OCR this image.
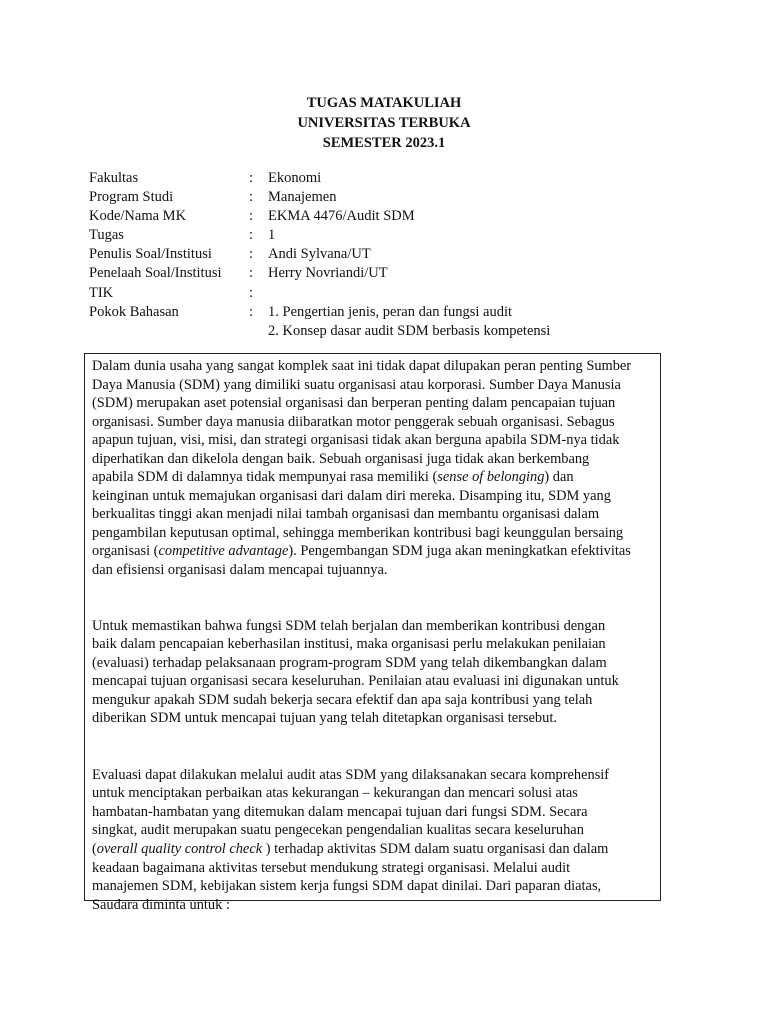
TUGAS MATAKULIAH
UNIVERSITAS TERBUKA
SEMESTER 2023.1
Fakultas	:	Ekonomi
Program Studi	:	Manajemen
Kode/Nama MK	:	EKMA 4476/Audit SDM
Tugas	:	1
Penulis Soal/Institusi	:	Andi Sylvana/UT
Penelaah Soal/Institusi	:	Herry Novriandi/UT
TIK	:
Pokok Bahasan	:	1. Pengertian jenis, peran dan fungsi audit
2. Konsep dasar audit SDM berbasis kompetensi
Dalam dunia usaha yang sangat komplek saat ini tidak dapat dilupakan peran penting Sumber
Daya Manusia (SDM) yang dimiliki suatu organisasi atau korporasi. Sumber Daya Manusia
(SDM) merupakan aset potensial organisasi dan berperan penting dalam pencapaian tujuan
organisasi. Sumber daya manusia diibaratkan motor penggerak sebuah organisasi. Sebagus
apapun tujuan, visi, misi, dan strategi organisasi tidak akan berguna apabila SDM-nya tidak
diperhatikan dan dikelola dengan baik. Sebuah organisasi juga tidak akan berkembang
apabila SDM di dalamnya tidak mempunyai rasa memiliki (sense of belonging) dan
keinginan untuk memajukan organisasi dari dalam diri mereka. Disamping itu, SDM yang
berkualitas tinggi akan menjadi nilai tambah organisasi dan membantu organisasi dalam
pengambilan keputusan optimal, sehingga memberikan kontribusi bagi keunggulan bersaing
organisasi (competitive advantage). Pengembangan SDM juga akan meningkatkan efektivitas
dan efisiensi organisasi dalam mencapai tujuannya.
Untuk memastikan bahwa fungsi SDM telah berjalan dan memberikan kontribusi dengan
baik dalam pencapaian keberhasilan institusi, maka organisasi perlu melakukan penilaian
(evaluasi) terhadap pelaksanaan program-program SDM yang telah dikembangkan dalam
mencapai tujuan organisasi secara keseluruhan. Penilaian atau evaluasi ini digunakan untuk
mengukur apakah SDM sudah bekerja secara efektif dan apa saja kontribusi yang telah
diberikan SDM untuk mencapai tujuan yang telah ditetapkan organisasi tersebut.
Evaluasi dapat dilakukan melalui audit atas SDM yang dilaksanakan secara komprehensif
untuk menciptakan perbaikan atas kekurangan – kekurangan dan mencari solusi atas
hambatan-hambatan yang ditemukan dalam mencapai tujuan dari fungsi SDM. Secara
singkat, audit merupakan suatu pengecekan pengendalian kualitas secara keseluruhan
(overall quality control check ) terhadap aktivitas SDM dalam suatu organisasi dan dalam
keadaan bagaimana aktivitas tersebut mendukung strategi organisasi. Melalui audit
manajemen SDM, kebijakan sistem kerja fungsi SDM dapat dinilai. Dari paparan diatas,
Saudara diminta untuk :
